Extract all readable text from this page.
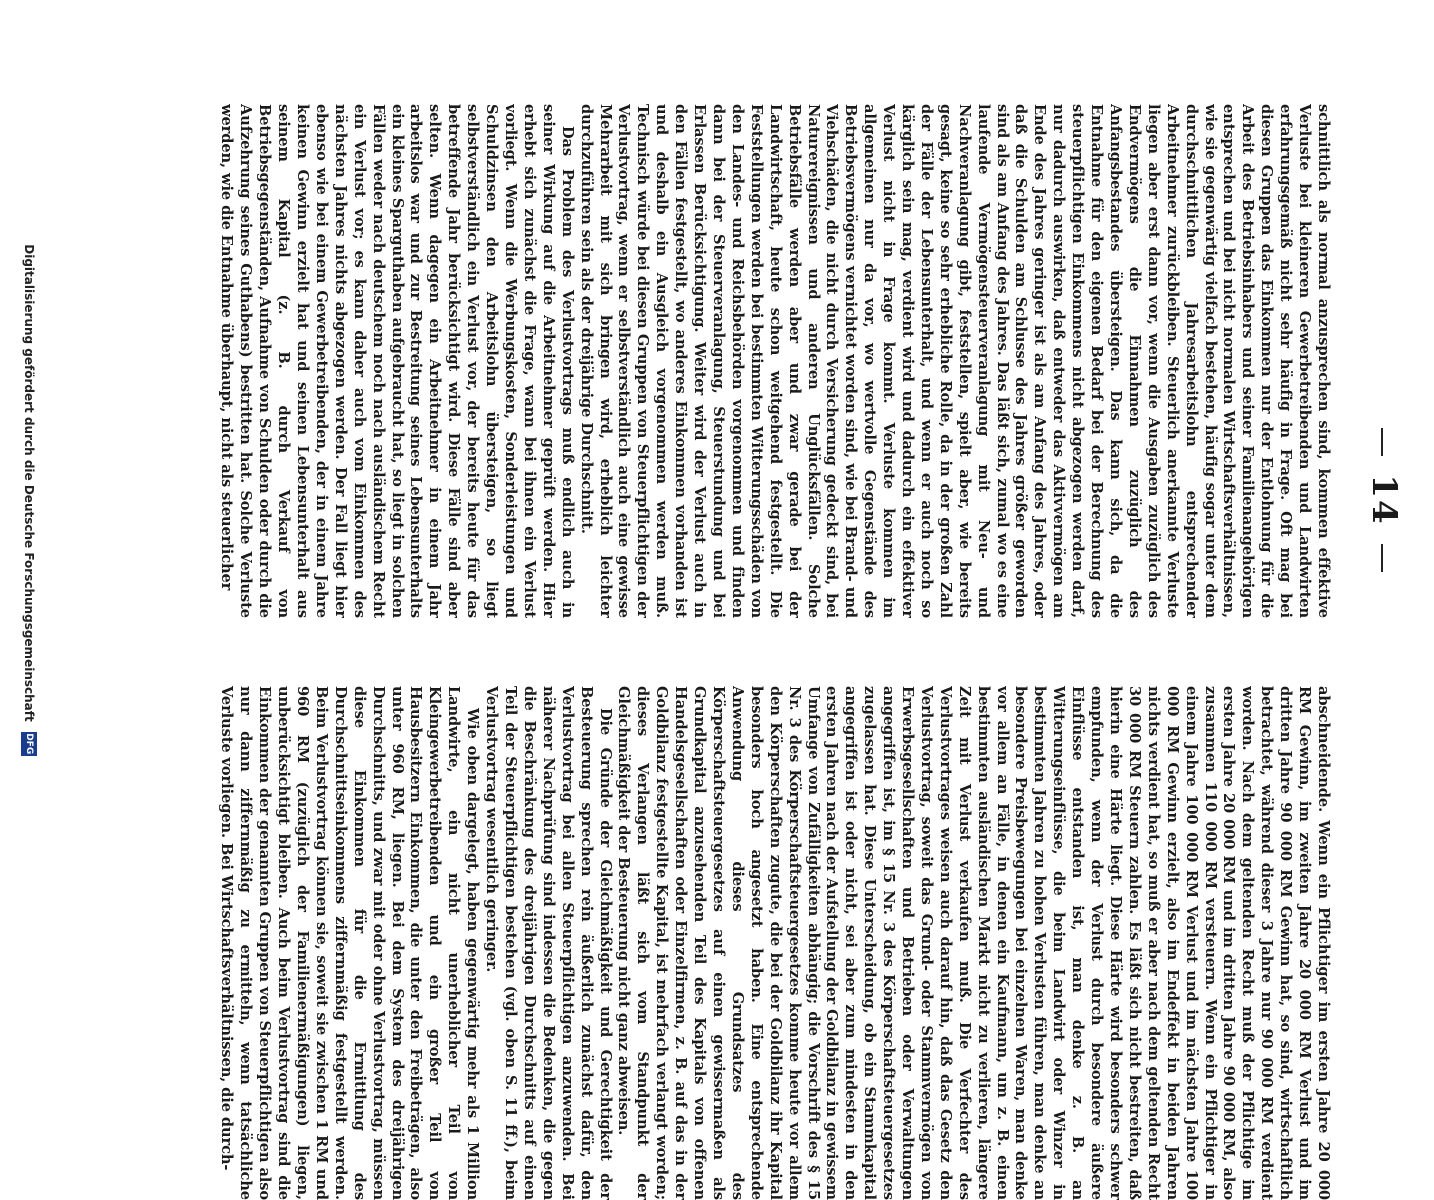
14

schnittlich als normal anzusprechen sind, kommen effektive Verluste bei kleineren Gewerbetreibenden und Landwirten erfahrungsgemäß nicht sehr häufig in Frage. Oft mag bei diesen Gruppen das Einkommen nur der Entlohnung für die Arbeit des Betriebsinhabers und seiner Familienangehörigen entsprechen und bei nicht normalen Wirtschaftsverhältnissen, wie sie gegenwärtig vielfach bestehen, häufig sogar unter dem durchschnittlichen Jahresarbeitslohn entsprechender Arbeitnehmer zurückbleiben. Steuerlich anerkannte Verluste liegen aber erst dann vor, wenn die Ausgaben zuzüglich des Endvermögens die Einnahmen zuzüglich des Anfangsbestandes übersteigen. Das kann sich, da die Entnahme für den eigenen Bedarf bei der Berechnung des steuerpflichtigen Einkommens nicht abgezogen werden darf, nur dadurch auswirken, daß entweder das Aktivvermögen am Ende des Jahres geringer ist als am Anfang des Jahres, oder daß die Schulden am Schlusse des Jahres größer geworden sind als am Anfang des Jahres. Das läßt sich, zumal wo es eine laufende Vermögensteuerveranlagung mit Neu- und Nachveranlagung gibt, feststellen, spielt aber, wie bereits gesagt, keine so sehr erhebliche Rolle, da in der großen Zahl der Fälle der Lebensunterhalt, und wenn er auch noch so kärglich sein mag, verdient wird und dadurch ein effektiver Verlust nicht in Frage kommt. Verluste kommen im allgemeinen nur da vor, wo wertvolle Gegenstände des Betriebsvermögens vernichtet worden sind, wie bei Brand- und Viehschäden, die nicht durch Versicherung gedeckt sind, bei Naturereignissen und anderen Unglücksfällen. Solche Betriebsfälle werden aber und zwar gerade bei der Landwirtschaft, heute schon weitgehend festgestellt. Die Feststellungen werden bei bestimmten Witterungsschäden von den Landes- und Reichsbehörden vorgenommen und finden dann bei der Steuerveranlagung, Steuerstundung und bei Erlassen Berücksichtigung. Weiter wird der Verlust auch in den Fällen festgestellt, wo anderes Einkommen vorhanden ist und deshalb ein Ausgleich vorgenommen werden muß. Technisch würde bei diesen Gruppen von Steuerpflichtigen der Verlustvortrag, wenn er selbstverständlich auch eine gewisse Mehrarbeit mit sich bringen wird, erheblich leichter durchzuführen sein als der dreijährige Durchschnitt.

Das Problem des Verlustvortrags muß endlich auch in seiner Wirkung auf die Arbeitnehmer geprüft werden. Hier erhebt sich zunächst die Frage, wann bei ihnen ein Verlust vorliegt. Wenn die Werbungskosten, Sonderleistungen und Schuldzinsen den Arbeitslohn übersteigen, so liegt selbstverständlich ein Verlust vor, der bereits heute für das betreffende Jahr berücksichtigt wird. Diese Fälle sind aber selten. Wenn dagegen ein Arbeitnehmer in einem Jahr arbeitslos war und zur Bestreitung seines Lebensunterhalts ein kleines Sparguthaben aufgebraucht hat, so liegt in solchen Fällen weder nach deutschem noch nach ausländischem Recht ein Verlust vor; es kann daher auch vom Einkommen des nächsten Jahres nichts abgezogen werden. Der Fall liegt hier ebenso wie bei einem Gewerbetreibenden, der in einem Jahre keinen Gewinn erzielt hat und seinen Lebensunterhalt aus seinem Kapital (z. B. durch Verkauf von Betriebsgegenständen, Aufnahme von Schulden oder durch die Aufzehrung seines Guthabens) bestritten hat. Solche Verluste werden, wie die Entnahme überhaupt, nicht als steuerlicher

abschneidende. Wenn ein Pflichtiger im ersten Jahre 20 000 RM Gewinn, im zweiten Jahre 20 000 RM Verlust und im dritten Jahre 90 000 RM Gewinn hat, so sind, wirtschaftlich betrachtet, während dieser 3 Jahre nur 90 000 RM verdient worden. Nach dem geltenden Recht muß der Pflichtige im ersten Jahre 20 000 RM und im dritten Jahre 90 000 RM, also zusammen 110 000 RM versteuern. Wenn ein Pflichtiger in einem Jahre 100 000 RM Verlust und im nächsten Jahre 100 000 RM Gewinn erzielt, also im Endeffekt in beiden Jahren nichts verdient hat, so muß er aber nach dem geltenden Recht 30 000 RM Steuern zahlen. Es läßt sich nicht bestreiten, daß hierin eine Härte liegt. Diese Härte wird besonders schwer empfunden, wenn der Verlust durch besondere äußere Einflüsse entstanden ist, man denke z. B. an Witterungseinflüsse, die beim Landwirt oder Winzer in bestimmten Jahren zu hohen Verlusten führen, man denke an besondere Preisbewegungen bei einzelnen Waren, man denke vor allem an Fälle, in denen ein Kaufmann, um z. B. einen bestimmten ausländischen Markt nicht zu verlieren, längere Zeit mit Verlust verkaufen muß. Die Verfechter des Verlustvortrages weisen auch darauf hin, daß das Gesetz den Verlustvortrag, soweit das Grund- oder Stammvermögen von Erwerbsgesellschaften und Betrieben oder Verwaltungen angegriffen ist, im § 15 Nr. 3 des Körperschaftsteuergesetzes zugelassen hat. Diese Unterscheidung, ob ein Stammkapital angegriffen ist oder nicht, sei aber zum mindesten in den ersten Jahren nach der Aufstellung der Goldbilanz in gewissem Umfange von Zufälligkeiten abhängig; die Vorschrift des § 15 Nr. 3 des Körperschaftsteuergesetzes komme heute vor allem den Körperschaften zugute, die bei der Goldbilanz ihr Kapital besonders hoch angesetzt haben. Eine entsprechende Anwendung dieses Grundsatzes des Körperschaftsteuergesetzes auf einen gewissermaßen als Grundkapital anzusehenden Teil des Kapitals von offenen Handelsgesellschaften oder Einzelfirmen, z. B. auf das in der Goldbilanz festgestellte Kapital, ist mehrfach verlangt worden; dieses Verlangen läßt sich vom Standpunkt der Gleichmäßigkeit der Besteuerung nicht ganz abweisen.

Die Gründe der Gleichmäßigkeit und Gerechtigkeit der Besteuerung sprechen rein äußerlich zunächst dafür, den Verlustvortrag bei allen Steuerpflichtigen anzuwenden. Bei näherer Nachprüfung sind indessen die Bedenken, die gegen die Beschränkung des dreijährigen Durchschnitts auf einen Teil der Steuerpflichtigen bestehen (vgl. oben S. 11 ff.), beim Verlustvortrag wesentlich geringer.

Wie oben dargelegt, haben gegenwärtig mehr als 1 Million Landwirte, ein nicht unerheblicher Teil von Kleingewerbetreibenden und ein großer Teil von Hausbesitzern Einkommen, die unter den Freibeträgen, also unter 960 RM, liegen. Bei dem System des dreijährigen Durchschnitts, und zwar mit oder ohne Verlustvortrag, müssen diese Einkommen für die Ermittlung des Durchschnittseinkommens ziffernmäßig festgestellt werden. Beim Verlustvortrag können sie, soweit sie zwischen 1 RM und 960 RM (zuzüglich der Familienermäßigungen) liegen, unberücksichtigt bleiben. Auch beim Verlustvortrag sind die Einkommen der genannten Gruppen von Steuerpflichtigen also nur dann ziffernmäßig zu ermitteln, wenn tatsächliche Verluste vorliegen. Bei Wirtschaftsverhältnissen, die durch-

Digitalisierung gefördert durch die Deutsche Forschungsgemeinschaft
DFG
